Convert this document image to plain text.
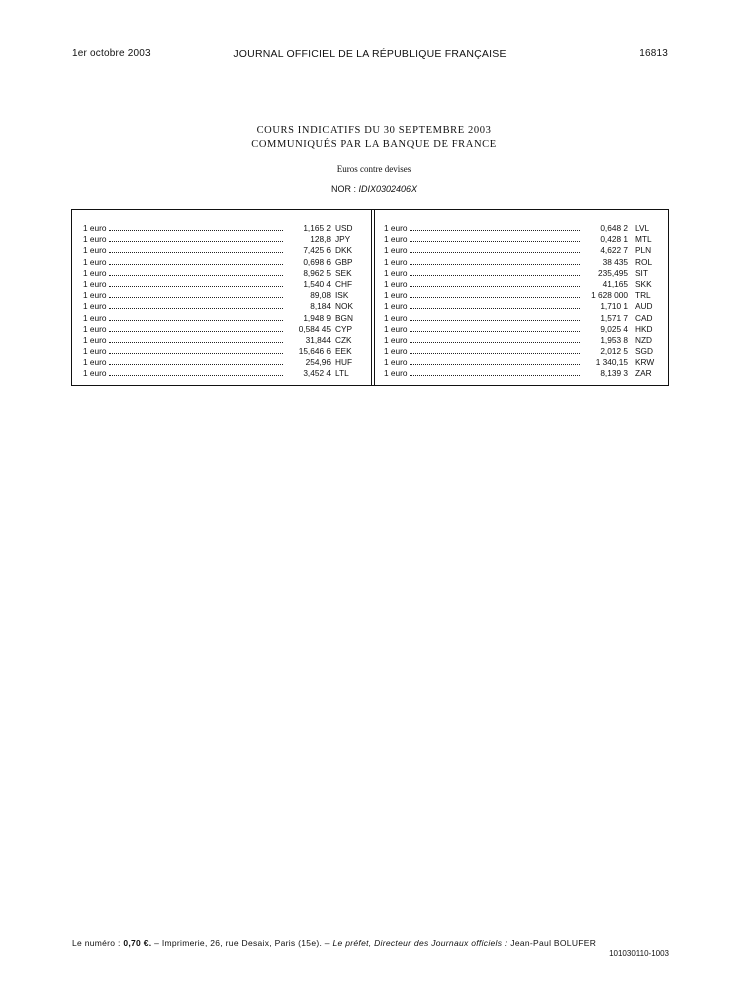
1er octobre 2003	JOURNAL OFFICIEL DE LA RÉPUBLIQUE FRANÇAISE	16813
COURS INDICATIFS DU 30 SEPTEMBRE 2003
COMMUNIQUÉS PAR LA BANQUE DE FRANCE
Euros contre devises
NOR : IDIX0302406X
1 euro	1,165 2 USD
1 euro	128,8 JPY
1 euro	7,425 6 DKK
1 euro	0,698 6 GBP
1 euro	8,962 5 SEK
1 euro	1,540 4 CHF
1 euro	89,08 ISK
1 euro	8,184 NOK
1 euro	1,948 9 BGN
1 euro	0,584 45 CYP
1 euro	31,844 CZK
1 euro	15,646 6 EEK
1 euro	254,96 HUF
1 euro	3,452 4 LTL
1 euro	0,648 2 LVL
1 euro	0,428 1 MTL
1 euro	4,622 7 PLN
1 euro	38 435 ROL
1 euro	235,495 SIT
1 euro	41,165 SKK
1 euro	1 628 000 TRL
1 euro	1,710 1 AUD
1 euro	1,571 7 CAD
1 euro	9,025 4 HKD
1 euro	1,953 8 NZD
1 euro	2,012 5 SGD
1 euro	1 340,15 KRW
1 euro	8,139 3 ZAR
Le numéro : 0,70 €. – Imprimerie, 26, rue Desaix, Paris (15e). – Le préfet, Directeur des Journaux officiels : Jean-Paul BOLUFER
101030110-1003
